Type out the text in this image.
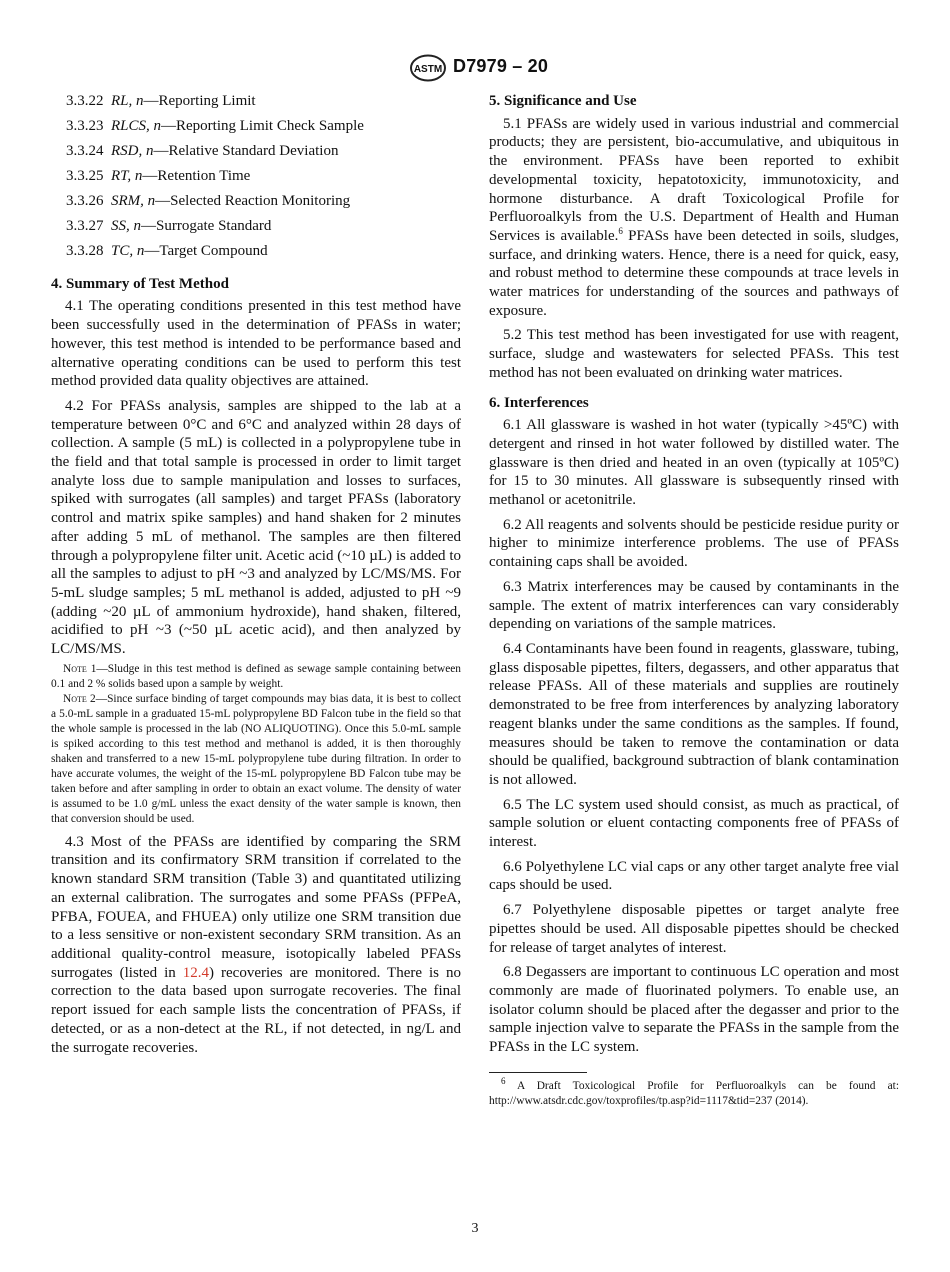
ASTM D7979 – 20
3.3.22 RL, n—Reporting Limit
3.3.23 RLCS, n—Reporting Limit Check Sample
3.3.24 RSD, n—Relative Standard Deviation
3.3.25 RT, n—Retention Time
3.3.26 SRM, n—Selected Reaction Monitoring
3.3.27 SS, n—Surrogate Standard
3.3.28 TC, n—Target Compound
4. Summary of Test Method

4.1 The operating conditions presented in this test method have been successfully used in the determination of PFASs in water; however, this test method is intended to be performance based and alternative operating conditions can be used to perform this test method provided data quality objectives are attained.

4.2 For PFASs analysis, samples are shipped to the lab at a temperature between 0°C and 6°C and analyzed within 28 days of collection. A sample (5 mL) is collected in a polypropylene tube in the field and that total sample is processed in order to limit target analyte loss due to sample manipulation and losses to surfaces, spiked with surrogates (all samples) and target PFASs (laboratory control and matrix spike samples) and hand shaken for 2 minutes after adding 5 mL of methanol. The samples are then filtered through a polypropylene filter unit. Acetic acid (~10 µL) is added to all the samples to adjust to pH ~3 and analyzed by LC/MS/MS. For 5-mL sludge samples; 5 mL methanol is added, adjusted to pH ~9 (adding ~20 µL of ammonium hydroxide), hand shaken, filtered, acidified to pH ~3 (~50 µL acetic acid), and then analyzed by LC/MS/MS.

Note 1—Sludge in this test method is defined as sewage sample containing between 0.1 and 2 % solids based upon a sample by weight.

Note 2—Since surface binding of target compounds may bias data, it is best to collect a 5.0-mL sample in a graduated 15-mL polypropylene BD Falcon tube in the field so that the whole sample is processed in the lab (NO ALIQUOTING). Once this 5.0-mL sample is spiked according to this test method and methanol is added, it is then thoroughly shaken and transferred to a new 15-mL polypropylene tube during filtration. In order to have accurate volumes, the weight of the 15-mL polypropylene BD Falcon tube may be taken before and after sampling in order to obtain an exact volume. The density of water is assumed to be 1.0 g/mL unless the exact density of the water sample is known, then that conversion should be used.

4.3 Most of the PFASs are identified by comparing the SRM transition and its confirmatory SRM transition if correlated to the known standard SRM transition (Table 3) and quantitated utilizing an external calibration. The surrogates and some PFASs (PFPeA, PFBA, FOUEA, and FHUEA) only utilize one SRM transition due to a less sensitive or non-existent secondary SRM transition. As an additional quality-control measure, isotopically labeled PFASs surrogates (listed in 12.4) recoveries are monitored. There is no correction to the data based upon surrogate recoveries. The final report issued for each sample lists the concentration of PFASs, if detected, or as a non-detect at the RL, if not detected, in ng/L and the surrogate recoveries.

5. Significance and Use

5.1 PFASs are widely used in various industrial and commercial products; they are persistent, bio-accumulative, and ubiquitous in the environment. PFASs have been reported to exhibit developmental toxicity, hepatotoxicity, immunotoxicity, and hormone disturbance. A draft Toxicological Profile for Perfluoroalkyls from the U.S. Department of Health and Human Services is available.$^6$ PFASs have been detected in soils, sludges, surface, and drinking waters. Hence, there is a need for quick, easy, and robust method to determine these compounds at trace levels in water matrices for understanding of the sources and pathways of exposure.

5.2 This test method has been investigated for use with reagent, surface, sludge and wastewaters for selected PFASs. This test method has not been evaluated on drinking water matrices.

6. Interferences

6.1 All glassware is washed in hot water (typically >45ºC) with detergent and rinsed in hot water followed by distilled water. The glassware is then dried and heated in an oven (typically at 105ºC) for 15 to 30 minutes. All glassware is subsequently rinsed with methanol or acetonitrile.

6.2 All reagents and solvents should be pesticide residue purity or higher to minimize interference problems. The use of PFASs containing caps shall be avoided.

6.3 Matrix interferences may be caused by contaminants in the sample. The extent of matrix interferences can vary considerably depending on variations of the sample matrices.

6.4 Contaminants have been found in reagents, glassware, tubing, glass disposable pipettes, filters, degassers, and other apparatus that release PFASs. All of these materials and supplies are routinely demonstrated to be free from interferences by analyzing laboratory reagent blanks under the same conditions as the samples. If found, measures should be taken to remove the contamination or data should be qualified, background subtraction of blank contamination is not allowed.

6.5 The LC system used should consist, as much as practical, of sample solution or eluent contacting components free of PFASs of interest.

6.6 Polyethylene LC vial caps or any other target analyte free vial caps should be used.

6.7 Polyethylene disposable pipettes or target analyte free pipettes should be used. All disposable pipettes should be checked for release of target analytes of interest.

6.8 Degassers are important to continuous LC operation and most commonly are made of fluorinated polymers. To enable use, an isolator column should be placed after the degasser and prior to the sample injection valve to separate the PFASs in the sample from the PFASs in the LC system.

$^6$ A Draft Toxicological Profile for Perfluoroalkyls can be found at: http://www.atsdr.cdc.gov/toxprofiles/tp.asp?id=1117&tid=237 (2014).

3
